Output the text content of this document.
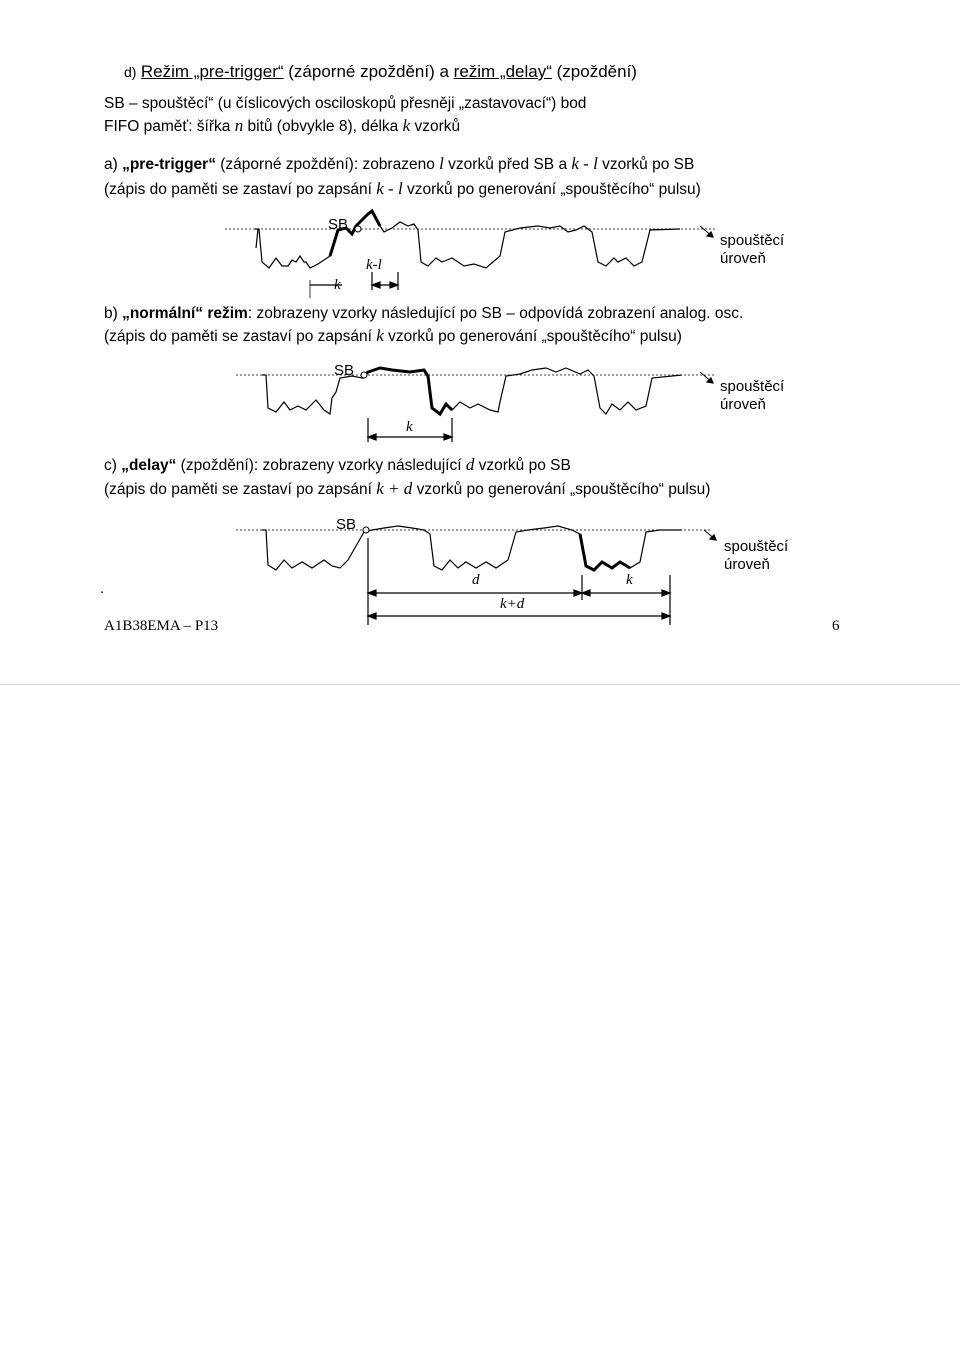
d) Režim „pre-trigger“ (záporné zpoždění) a režim „delay“ (zpoždění)
SB – spouštěcí“ (u číslicových osciloskopů přesněji „zastavovací“) bod
FIFO paměť: šířka n bitů (obvykle 8), délka k vzorků
a) „pre-trigger“ (záporné zpoždění): zobrazeno l vzorků před SB a k - l vzorků po SB
(zápis do paměti se zastaví po zapsání k - l vzorků po generování „spouštěcího“ pulsu)
SB
k-l
k
spouštěcí
úroveň
b) „normální“ režim: zobrazeny vzorky následující po SB – odpovídá zobrazení analog. osc.
(zápis do paměti se zastaví po zapsání k vzorků po generování „spouštěcího“ pulsu)
SB
k
spouštěcí
úroveň
c) „delay“ (zpoždění): zobrazeny vzorky následující d vzorků po SB
(zápis do paměti se zastaví po zapsání k + d vzorků po generování „spouštěcího“ pulsu)
SB
d	k
k+d
.
spouštěcí
úroveň
A1B38EMA – P13	6
